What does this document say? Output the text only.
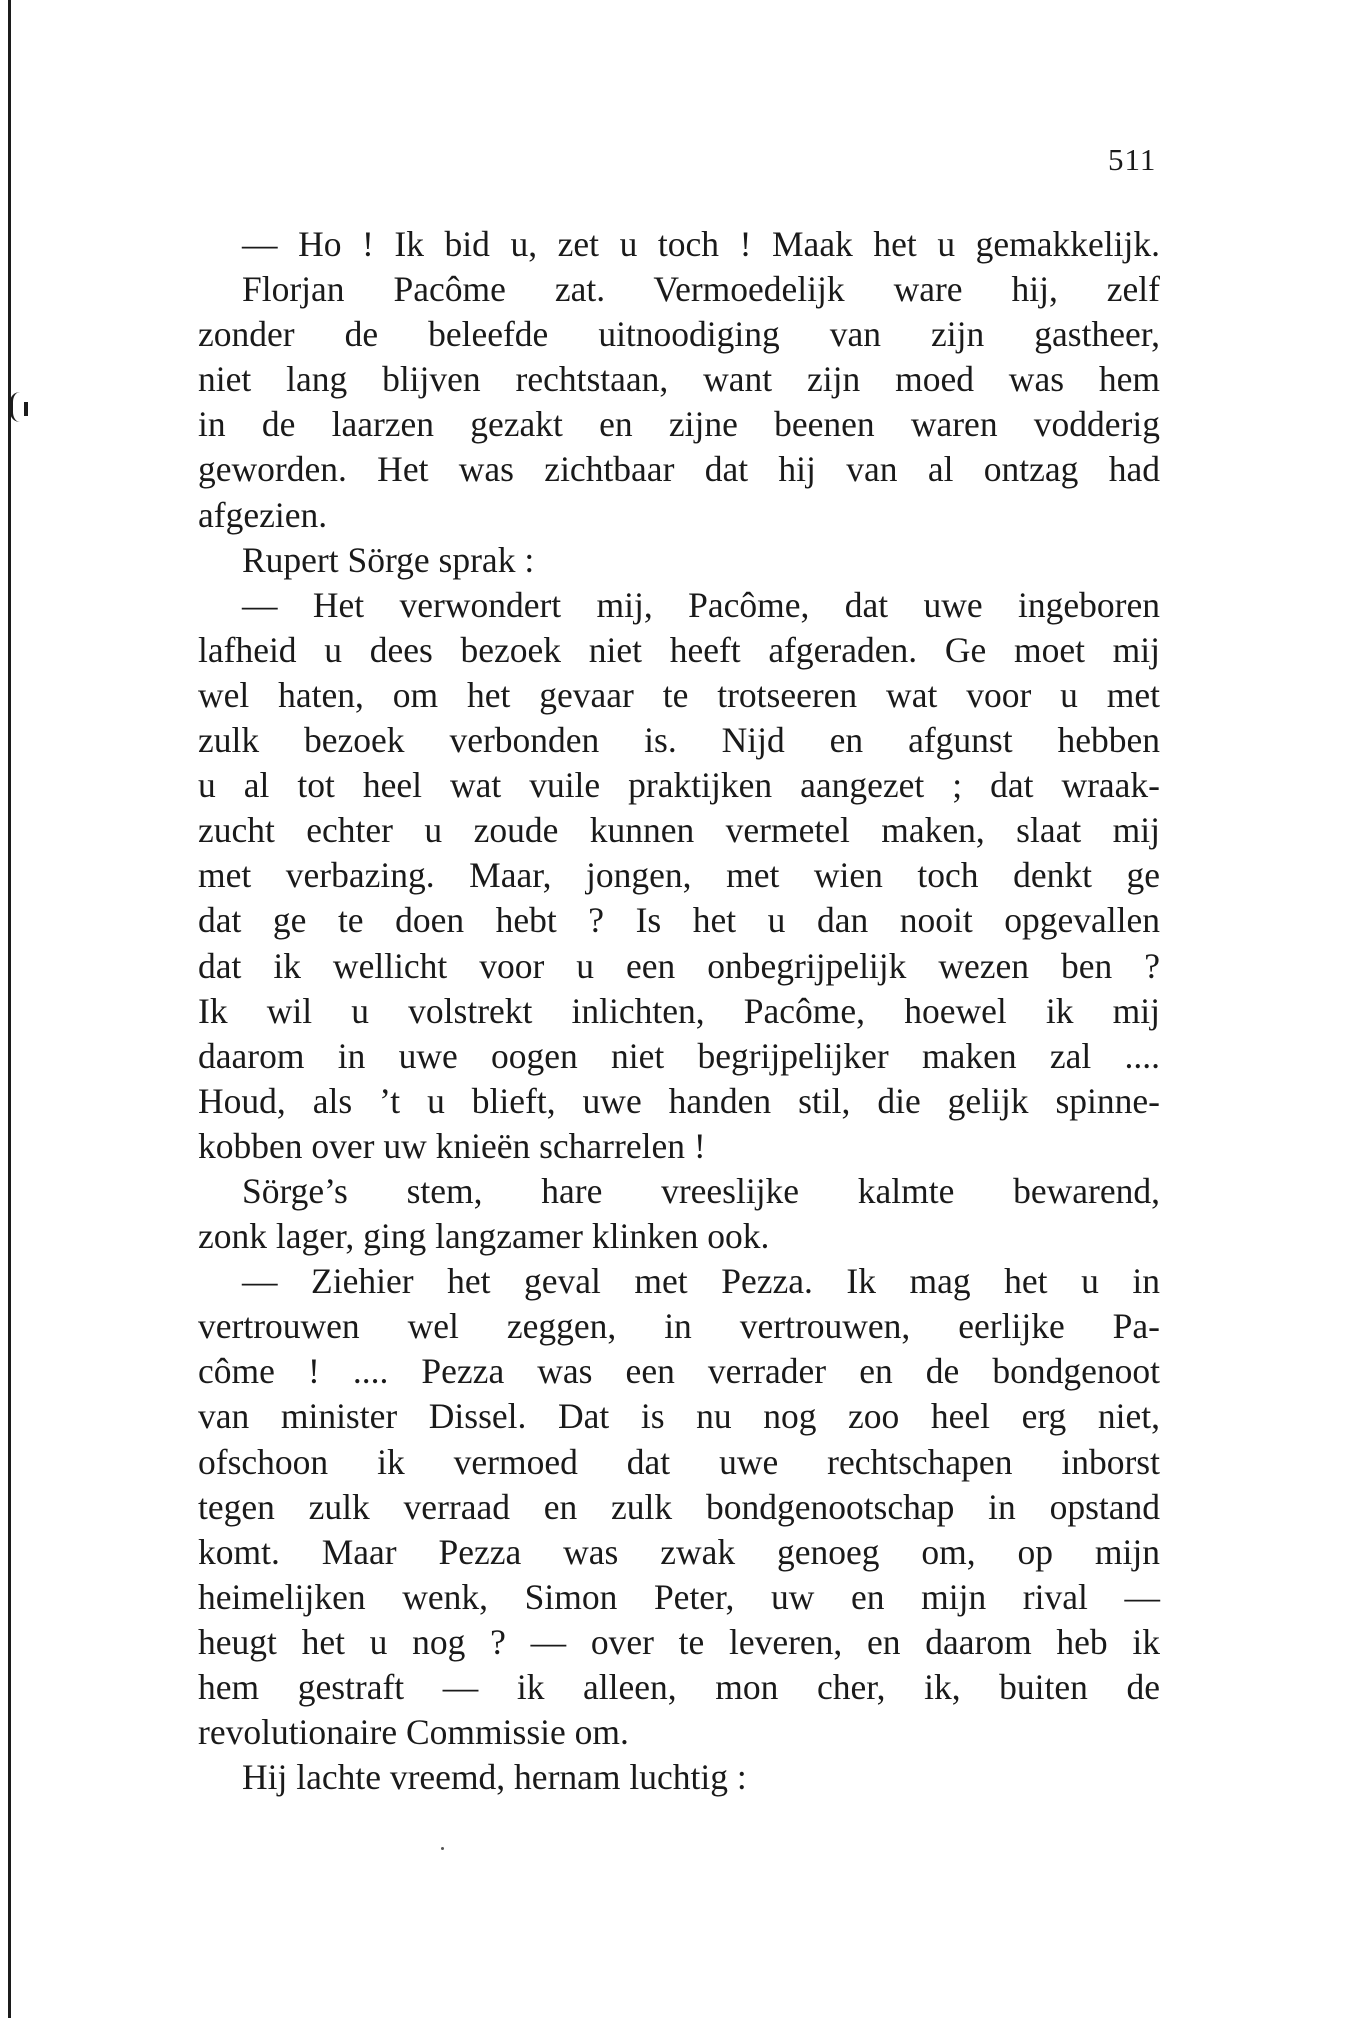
511
— Ho ! Ik bid u, zet u toch ! Maak het u gemakkelijk.
Florjan Pacôme zat. Vermoedelijk ware hij, zelf
zonder de beleefde uitnoodiging van zijn gastheer,
niet lang blijven rechtstaan, want zijn moed was hem
in de laarzen gezakt en zijne beenen waren vodderig
geworden. Het was zichtbaar dat hij van al ontzag had
afgezien.
Rupert Sörge sprak :
— Het verwondert mij, Pacôme, dat uwe ingeboren
lafheid u dees bezoek niet heeft afgeraden. Ge moet mij
wel haten, om het gevaar te trotseeren wat voor u met
zulk bezoek verbonden is. Nijd en afgunst hebben
u al tot heel wat vuile praktijken aangezet ; dat wraak-
zucht echter u zoude kunnen vermetel maken, slaat mij
met verbazing. Maar, jongen, met wien toch denkt ge
dat ge te doen hebt ? Is het u dan nooit opgevallen
dat ik wellicht voor u een onbegrijpelijk wezen ben ?
Ik wil u volstrekt inlichten, Pacôme, hoewel ik mij
daarom in uwe oogen niet begrijpelijker maken zal ....
Houd, als ’t u blieft, uwe handen stil, die gelijk spinne-
kobben over uw knieën scharrelen !
Sörge’s stem, hare vreeslijke kalmte bewarend,
zonk lager, ging langzamer klinken ook.
— Ziehier het geval met Pezza. Ik mag het u in
vertrouwen wel zeggen, in vertrouwen, eerlijke Pa-
côme ! .... Pezza was een verrader en de bondgenoot
van minister Dissel. Dat is nu nog zoo heel erg niet,
ofschoon ik vermoed dat uwe rechtschapen inborst
tegen zulk verraad en zulk bondgenootschap in opstand
komt. Maar Pezza was zwak genoeg om, op mijn
heimelijken wenk, Simon Peter, uw en mijn rival —
heugt het u nog ? — over te leveren, en daarom heb ik
hem gestraft — ik alleen, mon cher, ik, buiten de
revolutionaire Commissie om.
Hij lachte vreemd, hernam luchtig :
